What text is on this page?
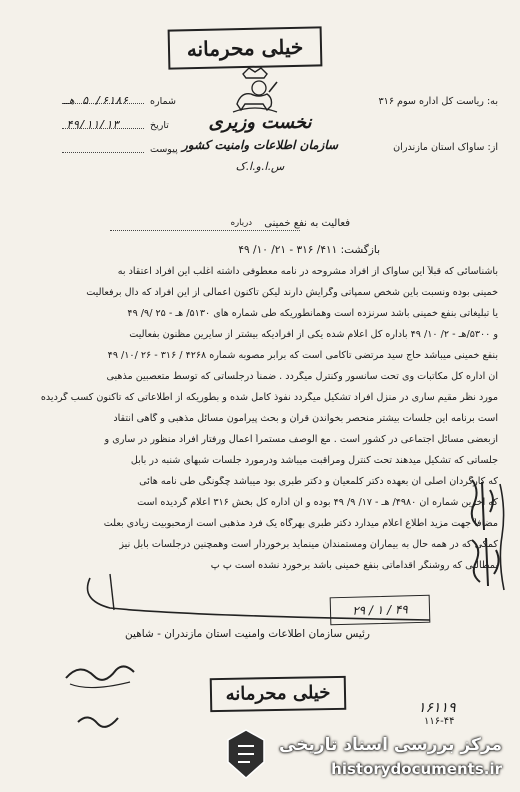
خیلی محرمانه
نخست وزیری
سازمان اطلاعات وامنیت کشور
س.ا.و.ا.ک
شماره
۶۱۸۶/ ۵ هـ
تاریخ
۴۹/۱۱/۱۳
پیوست
به: ریاست کل اداره سوم ۳۱۶
از: ساواک استان مازندران
درباره فعالیت به نفع خمینی
بازگشت: ۴۱۱/ ۳۱۶ - ۲۱/ ۱۰/ ۴۹
باشناسائی که قبلاً این ساواک از افراد مشروحه در نامه معطوفی داشته اغلب این افراد اعتقاد به
خمینی بوده ونسبت باین شخص سمپاتی وگرایش دارند لیکن تاکنون اعمالی از این افراد که دال برفعالیت
یا تبلیغاتی بنفع خمینی باشد سرنزده است وهمانطوریکه طی شماره های ۵۱۳۰/ هـ - ۲۵ /۹/ ۴۹
و ۵۳۰۰/هـ - ۲/ ۱۰/ ۴۹ باداره کل اعلام شده یکی از افرادیکه بیشتر از سایرین مظنون بفعالیت
بنفع خمینی میباشد حاج سید مرتضی تاکامی است که برابر مصوبه شماره ۴۲۶۸ / ۳۱۶ - ۲۶ /۱۰/ ۴۹
آن اداره کل مکاتبات وی تحت سانسور وکنترل میگردد . ضمناً درجلساتی که توسط متعصبین مذهبی
مورد نظر مقیم ساری در منزل افراد تشکیل میگردد نفوذ کامل شده و بطوریکه از اطلاعاتی که تاکنون کسب گردیده
است برنامه این جلسات بیشتر منحصر بخواندن قرآن و بحث پیرامون مسائل مذهبی و گاهی انتقاد
ازبعضی مسائل اجتماعی در کشور است . مع الوصف مستمراً اعمال ورفتار افراد منظور در ساری و
جلساتی که تشکیل میدهند تحت کنترل ومراقبت میباشد ودرمورد جلسات شبهای شنبه در بابل
که کارگردان اصلی آن بعهده دکتر کلمعیان و دکتر طبری بود میباشد چگونگی طی نامه هائی
که آخرین شماره آن ۴۹۸۰/ هـ - ۱۷/ ۹/ ۴۹ بوده و آن اداره کل بخش ۳۱۶ اعلام گردیده است
مضافاً جهت مزید اطلاع اعلام میدارد دکتر طبری بهرگاه یک فرد مذهبی است ازمحبوبیت زیادی بعلت
کمکی که در همه حال به بیماران ومستمندان مینماید برخوردار است وهمچنین درجلسات بابل نیز
بمطالبی که روشنگر اقداماتی بنفع خمینی باشد برخورد نشده است پ پ
۲۹ / ۱ / ۴۹
رئیس سازمان اطلاعات وامنیت استان مازندران - شاهین
خیلی محرمانه
۱۶۱۱۹
۱۱۶-۴۴
مرکز بررسی اسناد تاریخی
historydocuments.ir
